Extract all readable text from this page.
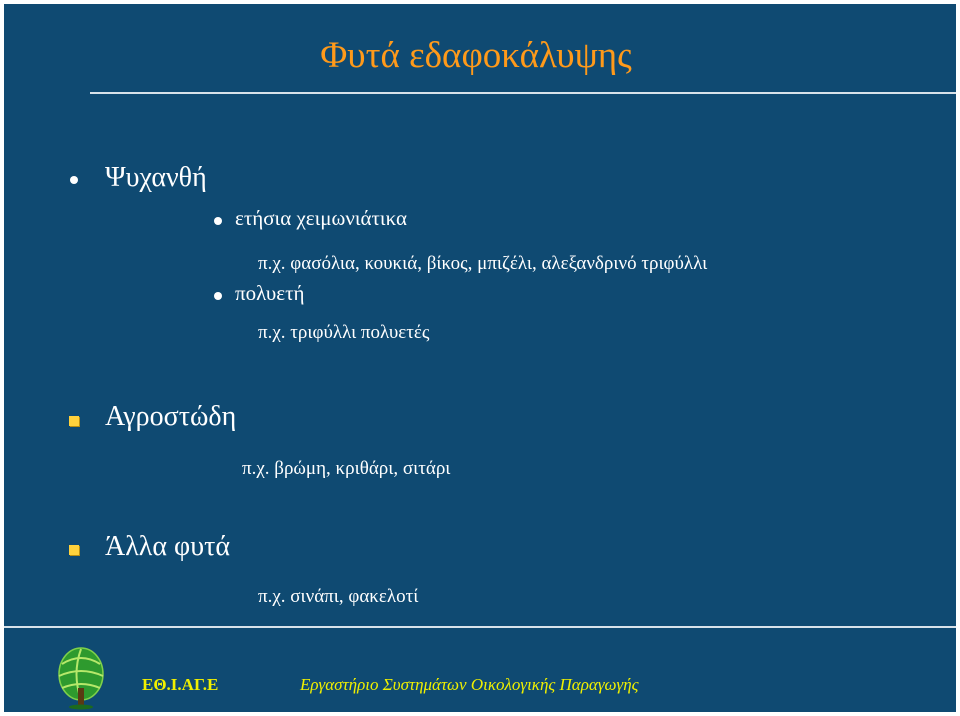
Φυτά εδαφοκάλυψης
Ψυχανθή
ετήσια χειμωνιάτικα
π.χ. φασόλια, κουκιά, βίκος, μπιζέλι, αλεξανδρινό τριφύλλι
πολυετή
π.χ. τριφύλλι πολυετές
Αγροστώδη
π.χ. βρώμη, κριθάρι, σιτάρι
Άλλα φυτά
π.χ. σινάπι, φακελοτί
ΕΘ.Ι.ΑΓ.Ε	Εργαστήριο Συστημάτων Οικολογικής Παραγωγής
